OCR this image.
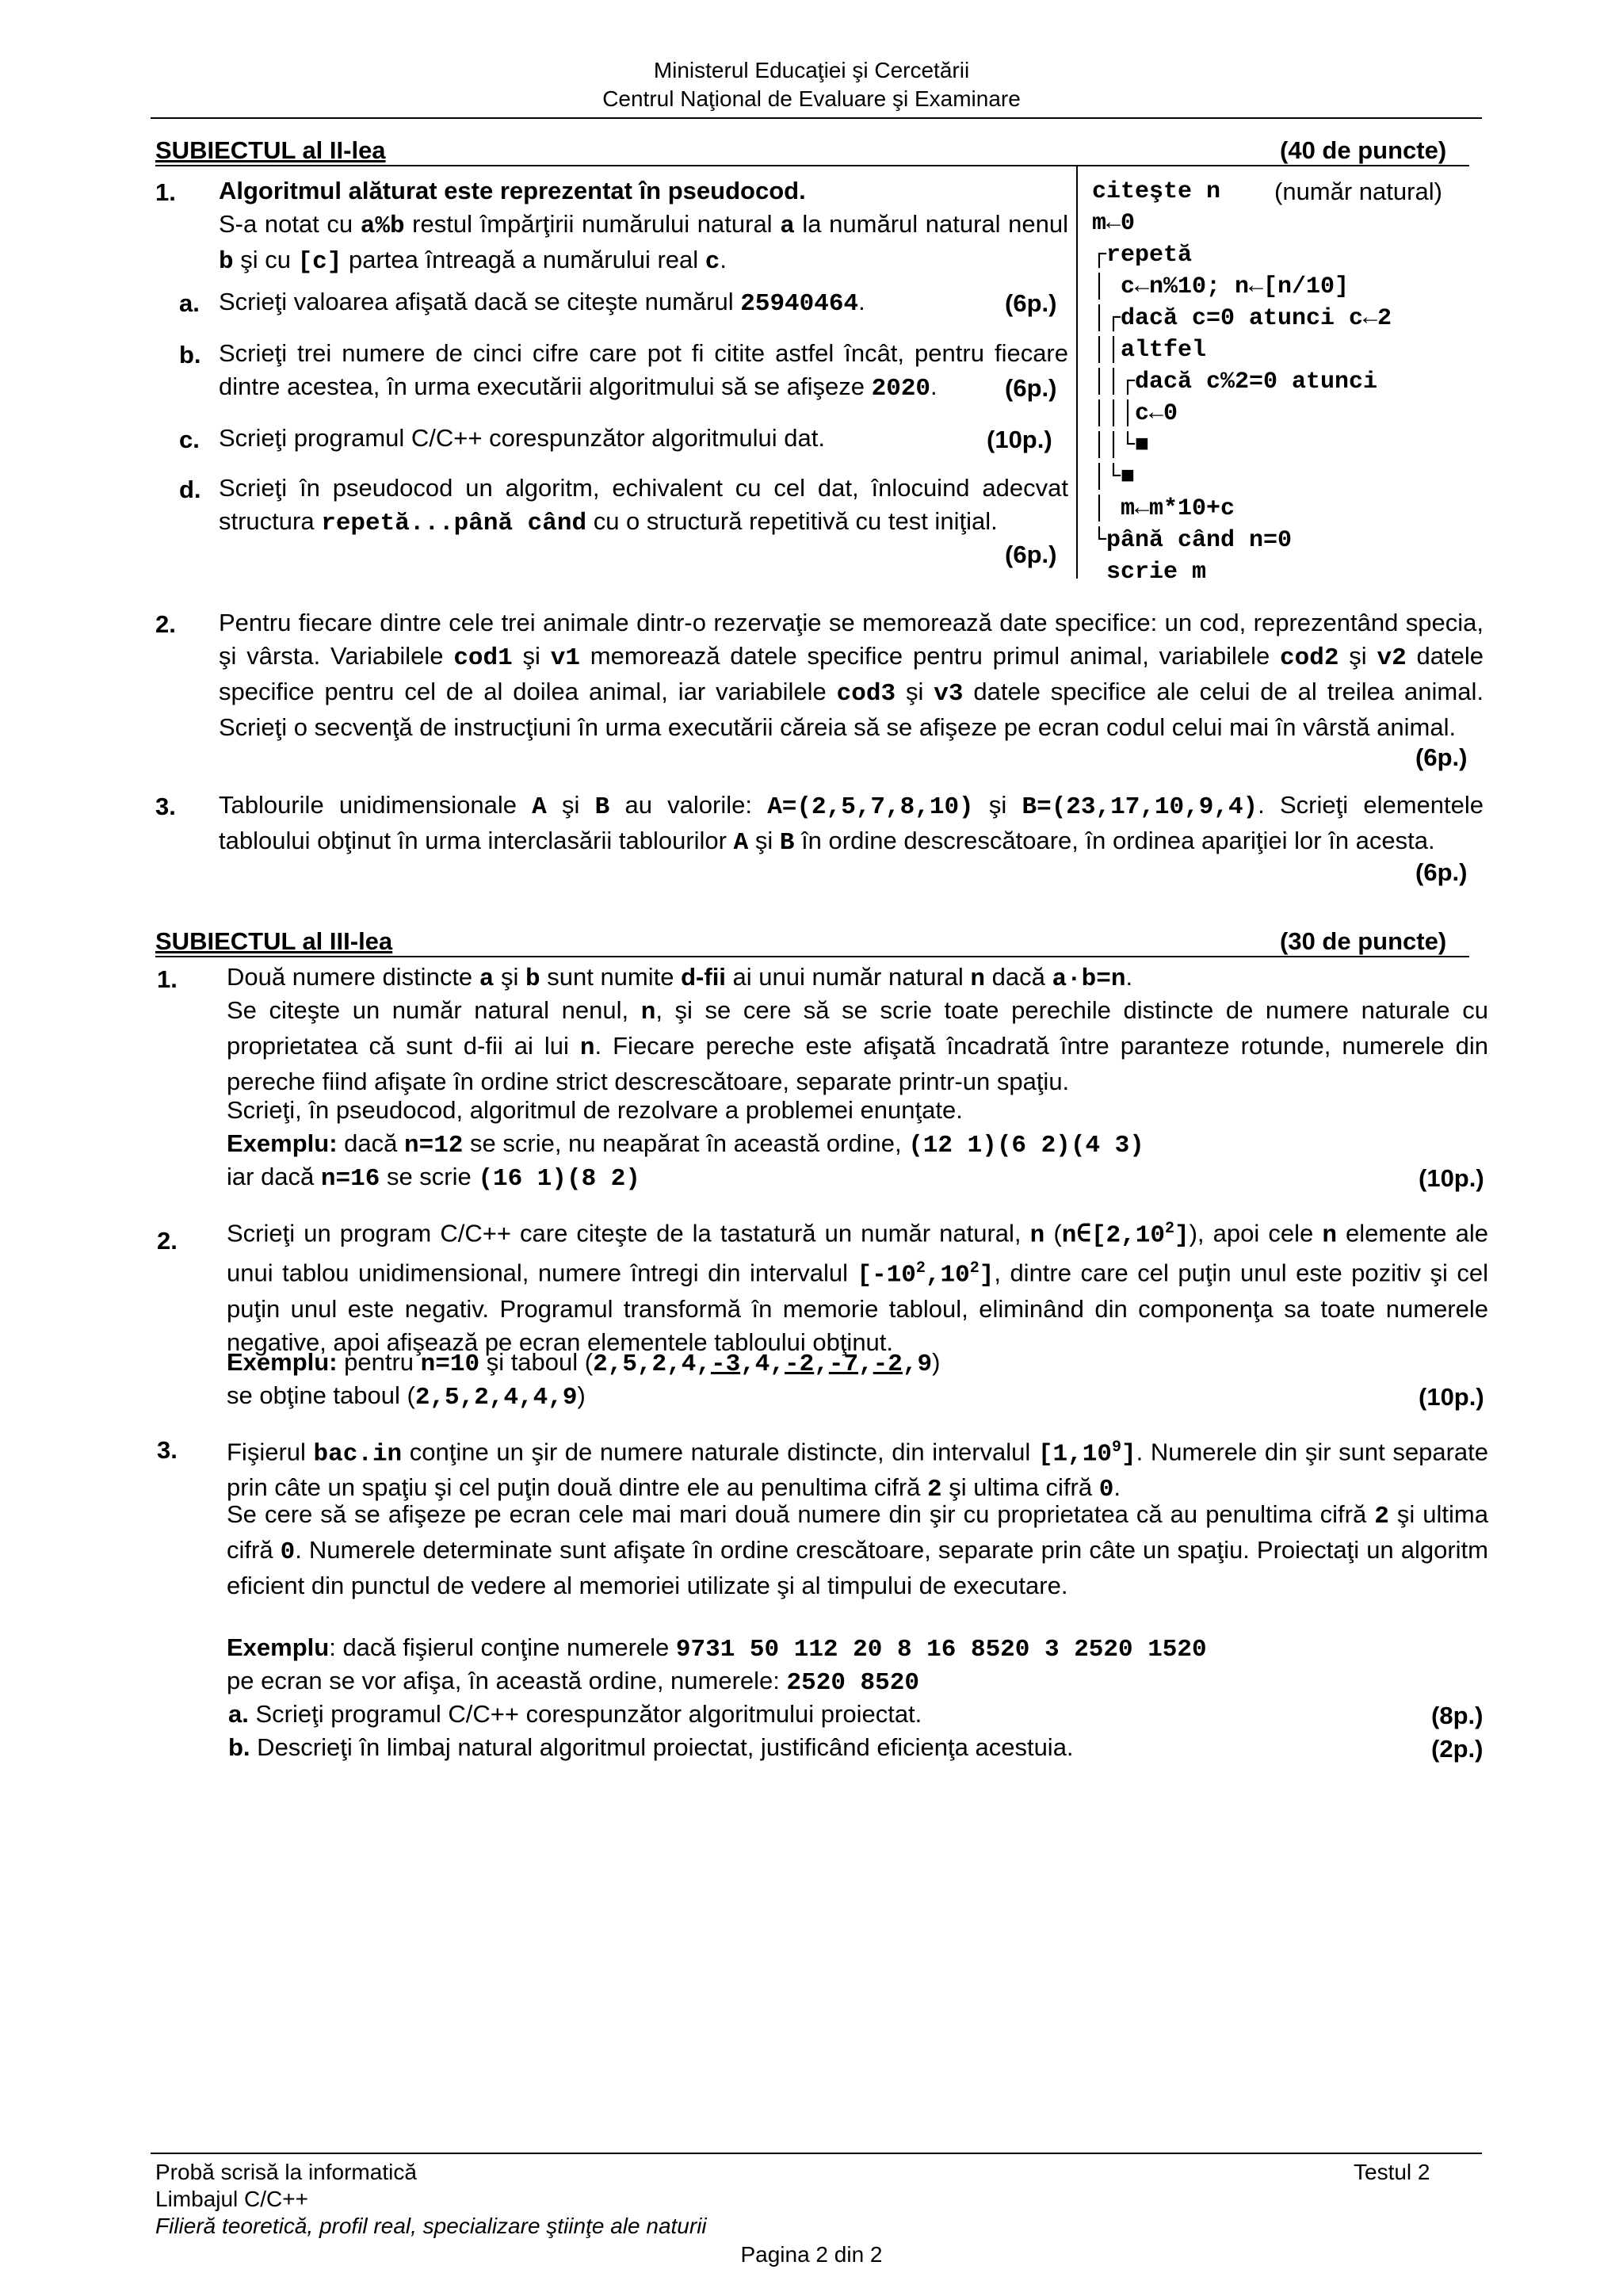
Ministerul Educaţiei şi Cercetării
Centrul Naţional de Evaluare şi Examinare
SUBIECTUL al II-lea	(40 de puncte)
1. Algoritmul alăturat este reprezentat în pseudocod.
S-a notat cu a%b restul împărţirii numărului natural a la numărul natural nenul b şi cu [c] partea întreagă a numărului real c.
a. Scrieţi valoarea afişată dacă se citeşte numărul 25940464.	(6p.)
b. Scrieţi trei numere de cinci cifre care pot fi citite astfel încât, pentru fiecare dintre acestea, în urma executării algoritmului să se afişeze 2020.	(6p.)
c. Scrieţi programul C/C++ corespunzător algoritmului dat.	(10p.)
d. Scrieţi în pseudocod un algoritm, echivalent cu cel dat, înlocuind adecvat structura repetă...până când cu o structură repetitivă cu test iniţial.
(6p.)
citeşte n
m←0
┌repetă
│ c←n%10; n←[n/10]
│┌dacă c=0 atunci c←2
││altfel
││┌dacă c%2=0 atunci
│││c←0
││└■
│└■
│ m←m*10+c
└până când n=0
scrie m
(număr natural)
2. Pentru fiecare dintre cele trei animale dintr-o rezervaţie se memorează date specifice: un cod, reprezentând specia, şi vârsta. Variabilele cod1 şi v1 memorează datele specifice pentru primul animal, variabilele cod2 şi v2 datele specifice pentru cel de al doilea animal, iar variabilele cod3 şi v3 datele specifice ale celui de al treilea animal. Scrieţi o secvenţă de instrucţiuni în urma executării căreia să se afişeze pe ecran codul celui mai în vârstă animal.
(6p.)
3. Tablourile unidimensionale A şi B au valorile: A=(2,5,7,8,10) şi B=(23,17,10,9,4). Scrieţi elementele tabloului obţinut în urma interclasării tablourilor A şi B în ordine descrescătoare, în ordinea apariţiei lor în acesta.
(6p.)
SUBIECTUL al III-lea	(30 de puncte)
1. Două numere distincte a şi b sunt numite d-fii ai unui număr natural n dacă a·b=n.
Se citeşte un număr natural nenul, n, şi se cere să se scrie toate perechile distincte de numere naturale cu proprietatea că sunt d-fii ai lui n. Fiecare pereche este afişată încadrată între paranteze rotunde, numerele din pereche fiind afişate în ordine strict descrescătoare, separate printr-un spaţiu.
Scrieţi, în pseudocod, algoritmul de rezolvare a problemei enunţate.
Exemplu: dacă n=12 se scrie, nu neapărat în această ordine, (12 1)(6 2)(4 3)
iar dacă n=16 se scrie (16 1)(8 2)	(10p.)
2. Scrieţi un program C/C++ care citeşte de la tastatură un număr natural, n (n∈[2,10$^2$]), apoi cele n elemente ale unui tablou unidimensional, numere întregi din intervalul $[-10^2,10^2]$, dintre care cel puţin unul este pozitiv şi cel puţin unul este negativ. Programul transformă în memorie tabloul, eliminând din componenţa sa toate numerele negative, apoi afişează pe ecran elementele tabloului obţinut.
Exemplu: pentru n=10 şi taboul (2,5,2,4,-3,4,-2,-7,-2,9)
se obţine taboul (2,5,2,4,4,9)	(10p.)
3. Fişierul bac.in conţine un şir de numere naturale distincte, din intervalul [1,10$^9$]. Numerele din şir sunt separate prin câte un spaţiu şi cel puţin două dintre ele au penultima cifră 2 şi ultima cifră 0.
Se cere să se afişeze pe ecran cele mai mari două numere din şir cu proprietatea că au penultima cifră 2 şi ultima cifră 0. Numerele determinate sunt afişate în ordine crescătoare, separate prin câte un spaţiu. Proiectaţi un algoritm eficient din punctul de vedere al memoriei utilizate şi al timpului de executare.
Exemplu: dacă fişierul conţine numerele 9731 50 112 20 8 16 8520 3 2520 1520
pe ecran se vor afişa, în această ordine, numerele: 2520 8520
a. Scrieţi programul C/C++ corespunzător algoritmului proiectat.	(8p.)
b. Descrieţi în limbaj natural algoritmul proiectat, justificând eficienţa acestuia.	(2p.)
Probă scrisă la informatică
Limbajul C/C++
Filieră teoretică, profil real, specializare ştiinţe ale naturii
Testul 2
Pagina 2 din 2
